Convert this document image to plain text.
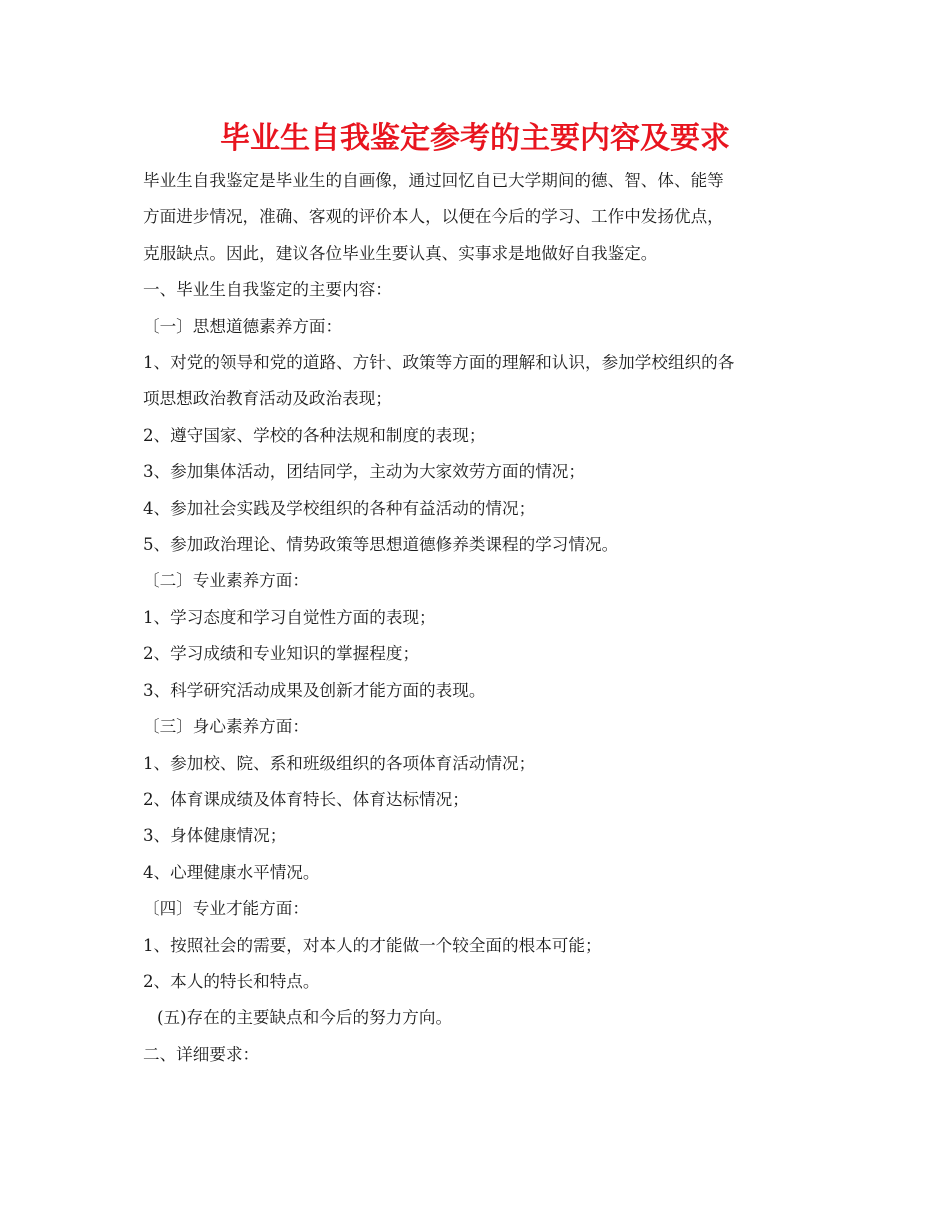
毕业生自我鉴定参考的主要内容及要求

毕业生自我鉴定是毕业生的自画像，通过回忆自已大学期间的德、智、体、能等

方面进步情况，准确、客观的评价本人，以便在今后的学习、工作中发扬优点，

克服缺点。因此，建议各位毕业生要认真、实事求是地做好自我鉴定。

一、毕业生自我鉴定的主要内容：

〔一〕思想道德素养方面：

1、对党的领导和党的道路、方针、政策等方面的理解和认识，参加学校组织的各

项思想政治教育活动及政治表现；

2、遵守国家、学校的各种法规和制度的表现；

3、参加集体活动，团结同学，主动为大家效劳方面的情况；

4、参加社会实践及学校组织的各种有益活动的情况；

5、参加政治理论、情势政策等思想道德修养类课程的学习情况。

〔二〕专业素养方面：

1、学习态度和学习自觉性方面的表现；

2、学习成绩和专业知识的掌握程度；

3、科学研究活动成果及创新才能方面的表现。

〔三〕身心素养方面：

1、参加校、院、系和班级组织的各项体育活动情况；

2、体育课成绩及体育特长、体育达标情况；

3、身体健康情况；

4、心理健康水平情况。

〔四〕专业才能方面：

1、按照社会的需要，对本人的才能做一个较全面的根本可能；

2、本人的特长和特点。

(五)存在的主要缺点和今后的努力方向。

二、详细要求：
